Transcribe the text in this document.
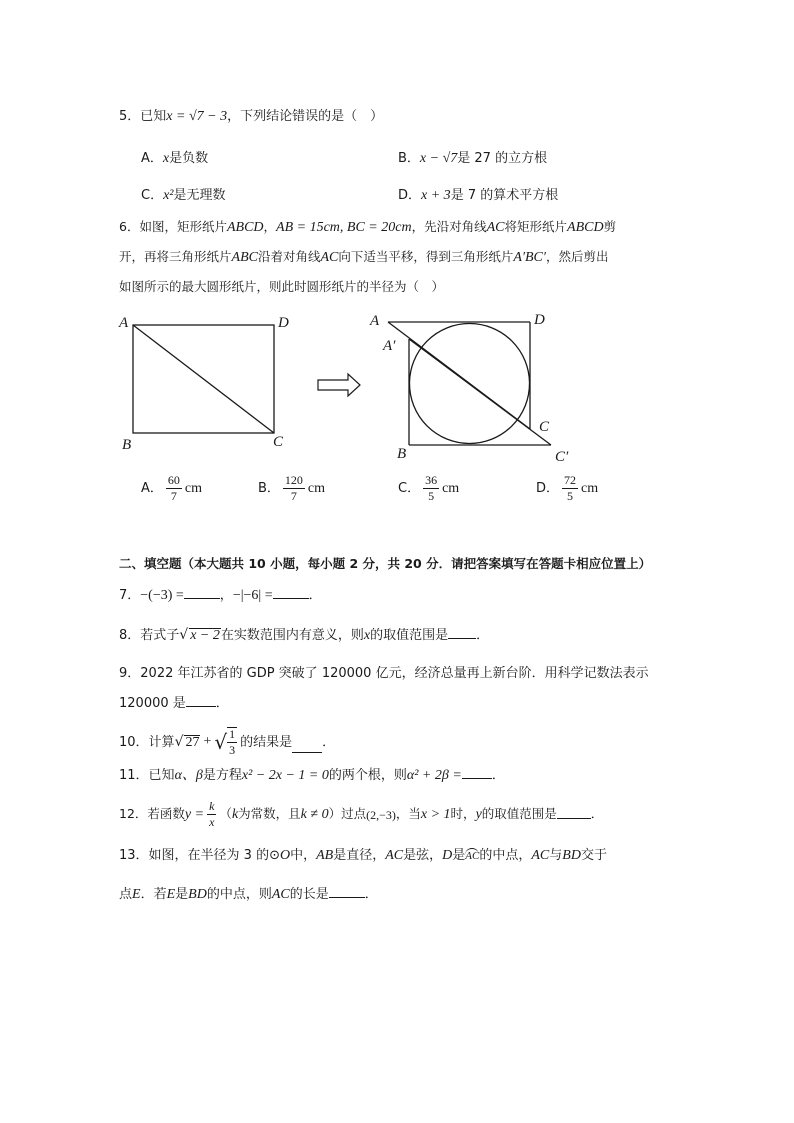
5．已知x = √7 − 3，下列结论错误的是（　）
A．x是负数	B．x − √7是 27 的立方根
C．x²是无理数	D．x + 3是 7 的算术平方根
6．如图，矩形纸片ABCD，AB = 15cm, BC = 20cm，先沿对角线AC将矩形纸片ABCD剪
开，再将三角形纸片ABC沿着对角线AC向下适当平移，得到三角形纸片A′BC′，然后剪出
如图所示的最大圆形纸片，则此时圆形纸片的半径为（　）
A	D
B	C
A
A′
D
C
B	C′
A． $\frac{60}{7}$ cm	B． $\frac{120}{7}$ cm	C． $\frac{36}{5}$ cm	D． $\frac{72}{5}$ cm
二、填空题（本大题共 10 小题，每小题 2 分，共 20 分．请把答案填写在答题卡相应位置上）
7．−(−3) =	，−|−6| =	．
8．若式子√ x − 2在实数范围内有意义，则x的取值范围是 ．
9．2022 年江苏省的 GDP 突破了 120000 亿元，经济总量再上新台阶．用科学记数法表示
120000 是 ．
10． 计算 √ 27 + √ $\frac{1}{3}$ 的结果是 ．
11．已知α、β是方程x² − 2x − 1 = 0的两个根，则α² + 2β = ．
12． 若函数 $y = \frac{k}{x}$ （ k 为常数，且 k ≠ 0 ）过点 (2,−3) ，当 x > 1 时， y 的取值范围是	．
13．如图，在半径为 3 的⊙O中，AB是直径，AC是弦，D是AC的中点，AC与BD交于
点E．若E是BD的中点，则AC的长是	．
